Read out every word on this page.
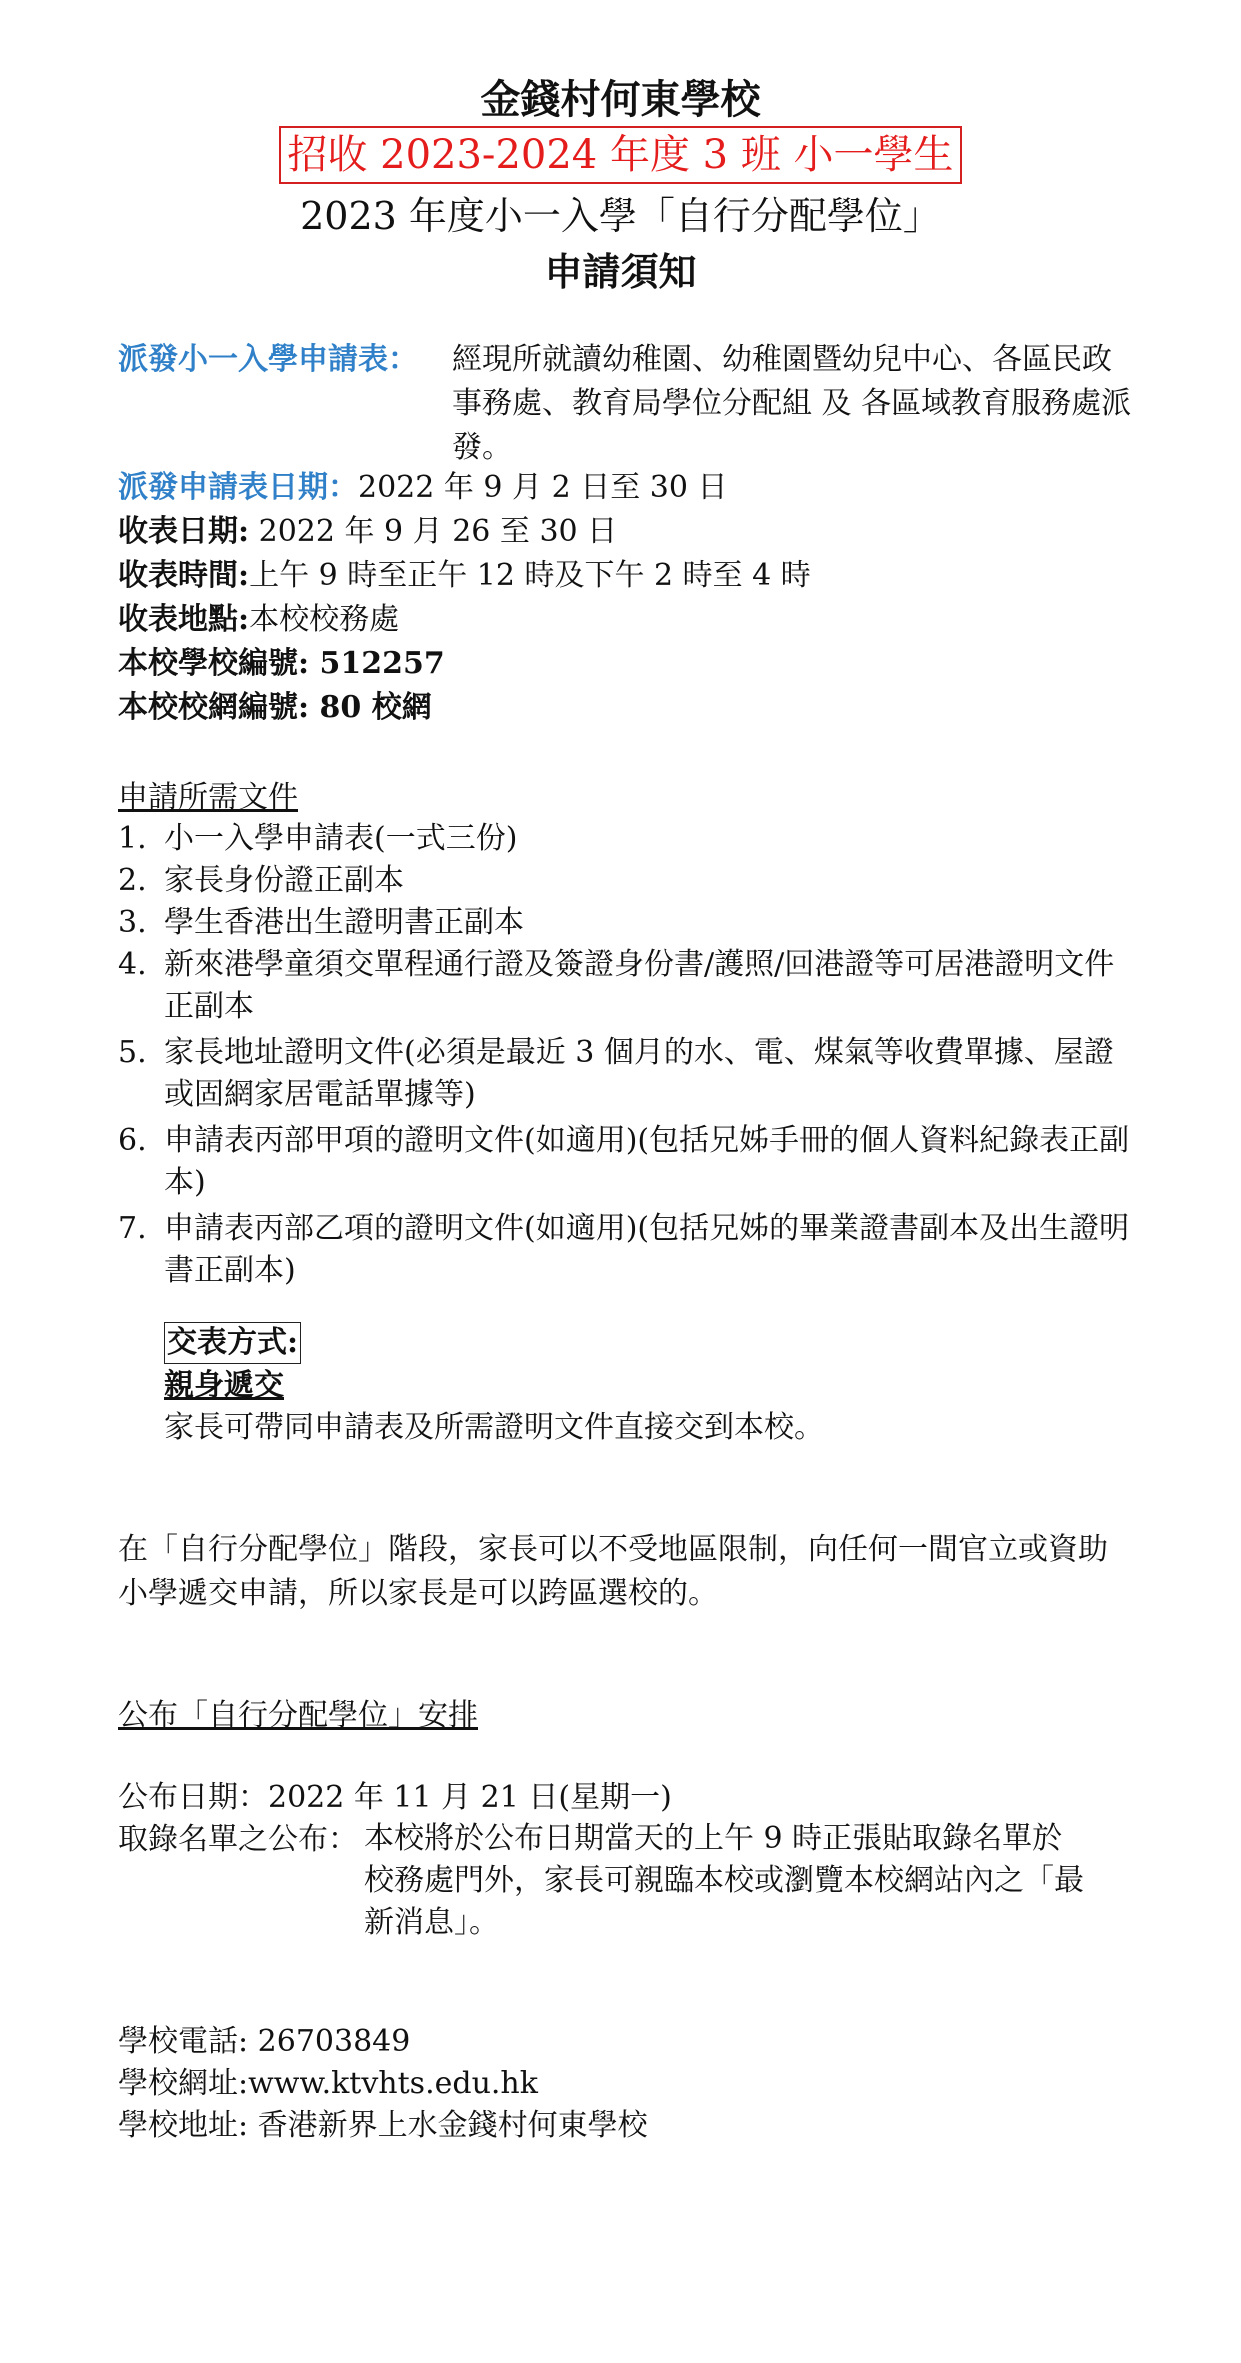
金錢村何東學校
招收 2023-2024 年度 3 班 小一學生
2023 年度小一入學「自行分配學位」
申請須知
派發小一入學申請表： 經現所就讀幼稚園、幼稚園暨幼兒中心、各區民政事務處、教育局學位分配組 及 各區域教育服務處派發。
派發申請表日期：2022 年 9 月 2 日至 30 日
收表日期: 2022 年 9 月 26 至 30 日
收表時間:上午 9 時至正午 12 時及下午 2 時至 4 時
收表地點:本校校務處
本校學校編號: 512257
本校校網編號: 80 校網
申請所需文件
1. 小一入學申請表(一式三份)
2. 家長身份證正副本
3. 學生香港出生證明書正副本
4. 新來港學童須交單程通行證及簽證身份書/護照/回港證等可居港證明文件正副本
5. 家長地址證明文件(必須是最近 3 個月的水、電、煤氣等收費單據、屋證或固網家居電話單據等)
6. 申請表丙部甲項的證明文件(如適用)(包括兄姊手冊的個人資料紀錄表正副本)
7. 申請表丙部乙項的證明文件(如適用)(包括兄姊的畢業證書副本及出生證明書正副本)
交表方式:
親身遞交
家長可帶同申請表及所需證明文件直接交到本校。
在「自行分配學位」階段，家長可以不受地區限制，向任何一間官立或資助小學遞交申請，所以家長是可以跨區選校的。
公布「自行分配學位」安排
公布日期：2022 年 11 月 21 日(星期一)
取錄名單之公布： 本校將於公布日期當天的上午 9 時正張貼取錄名單於校務處門外，家長可親臨本校或瀏覽本校網站內之「最新消息」。
學校電話: 26703849
學校網址:www.ktvhts.edu.hk
學校地址: 香港新界上水金錢村何東學校
